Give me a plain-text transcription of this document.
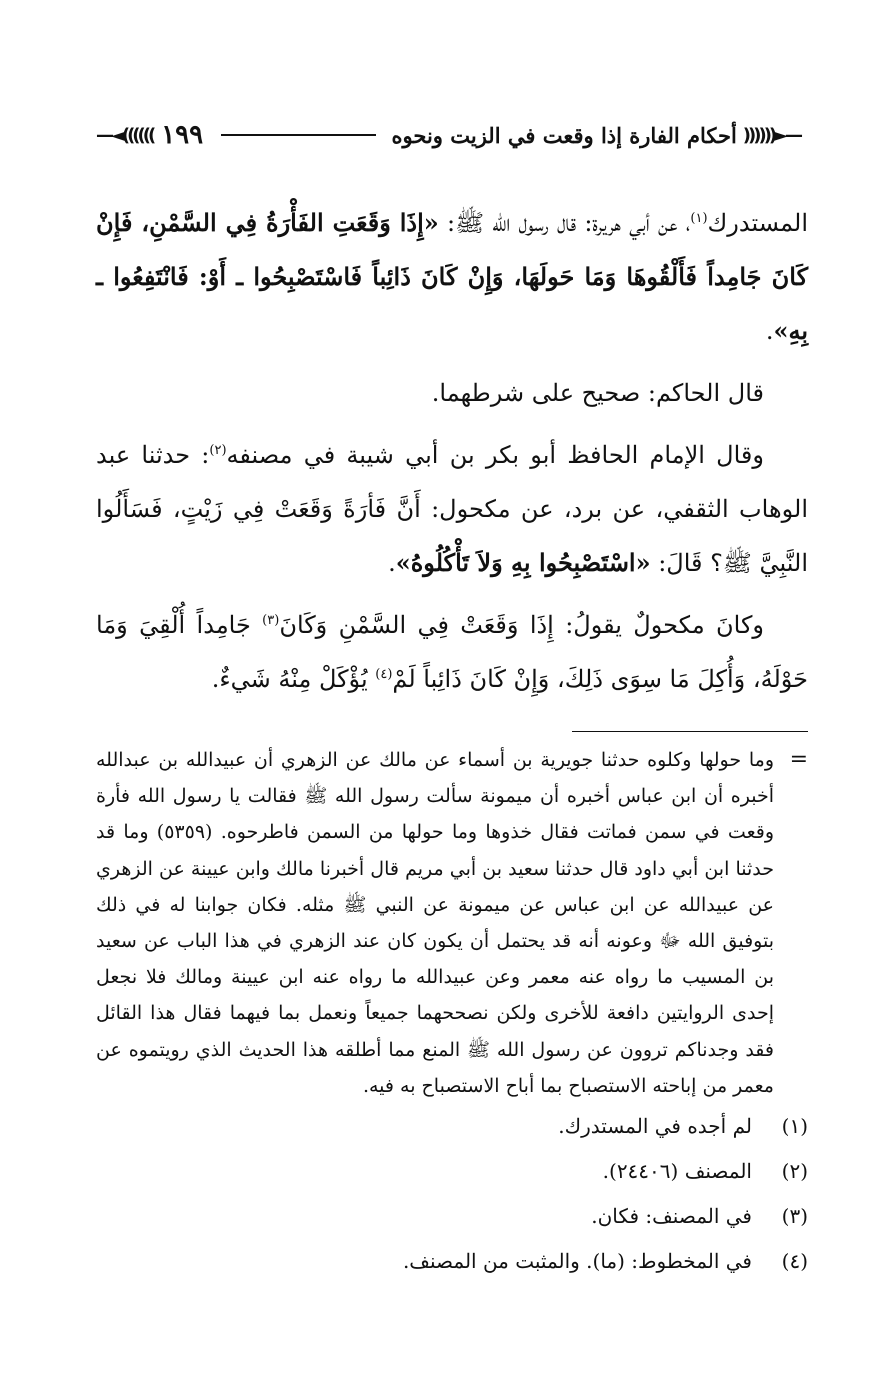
—◄(((((( ١٩٩	أحكام الفارة إذا وقعت في الزيت ونحوه ))))))►—

المستدرك$^{(١)}$، عن أبي هريرة: قال رسول الله ﷺ: «إِذَا وَقَعَتِ الفَأْرَةُ فِي السَّمْنِ، فَإِنْ كَانَ جَامِداً فَأَلْقُوهَا وَمَا حَولَهَا، وَإِنْ كَانَ ذَائِباً فَاسْتَصْبِحُوا ـ أَوْ: فَانْتَفِعُوا ـ بِهِ».

قال الحاكم: صحيح على شرطهما.

وقال الإمام الحافظ أبو بكر بن أبي شيبة في مصنفه$^{(٢)}$: حدثنا عبد الوهاب الثقفي، عن برد، عن مكحول: أَنَّ فَأرَةً وَقَعَتْ فِي زَيْتٍ، فَسَأَلُوا النَّبِيَّ ﷺ؟ قَالَ: «اسْتَصْبِحُوا بِهِ وَلاَ تَأْكُلُوهُ».

وكانَ مكحولٌ يقولُ: إِذَا وَقَعَتْ فِي السَّمْنِ وَكَانَ$^{(٣)}$ جَامِداً أُلْقِيَ وَمَا حَوْلَهُ، وَأُكِلَ مَا سِوَى ذَلِكَ، وَإِنْ كَانَ ذَائِباً لَمْ$^{(٤)}$ يُؤْكَلْ مِنْهُ شَيءٌ.

=
وما حولها وكلوه حدثنا جويرية بن أسماء عن مالك عن الزهري أن عبيدالله بن عبدالله أخبره أن ابن عباس أخبره أن ميمونة سألت رسول الله ﷺ فقالت يا رسول الله فأرة وقعت في سمن فماتت فقال خذوها وما حولها من السمن فاطرحوه. (٥٣٥٩) وما قد حدثنا ابن أبي داود قال حدثنا سعيد بن أبي مريم قال أخبرنا مالك وابن عيينة عن الزهري عن عبيدالله عن ابن عباس عن ميمونة عن النبي ﷺ مثله. فكان جوابنا له في ذلك بتوفيق الله ﷻ وعونه أنه قد يحتمل أن يكون كان عند الزهري في هذا الباب عن سعيد بن المسيب ما رواه عنه معمر وعن عبيدالله ما رواه عنه ابن عيينة ومالك فلا نجعل إحدى الروايتين دافعة للأخرى ولكن نصححهما جميعاً ونعمل بما فيهما فقال هذا القائل فقد وجدناكم تروون عن رسول الله ﷺ المنع مما أطلقه هذا الحديث الذي رويتموه عن معمر من إباحته الاستصباح بما أباح الاستصباح به فيه.
(١)
لم أجده في المستدرك.
(٢)
المصنف (٢٤٤٠٦).
(٣)
في المصنف: فكان.
(٤)
في المخطوط: (ما). والمثبت من المصنف.
